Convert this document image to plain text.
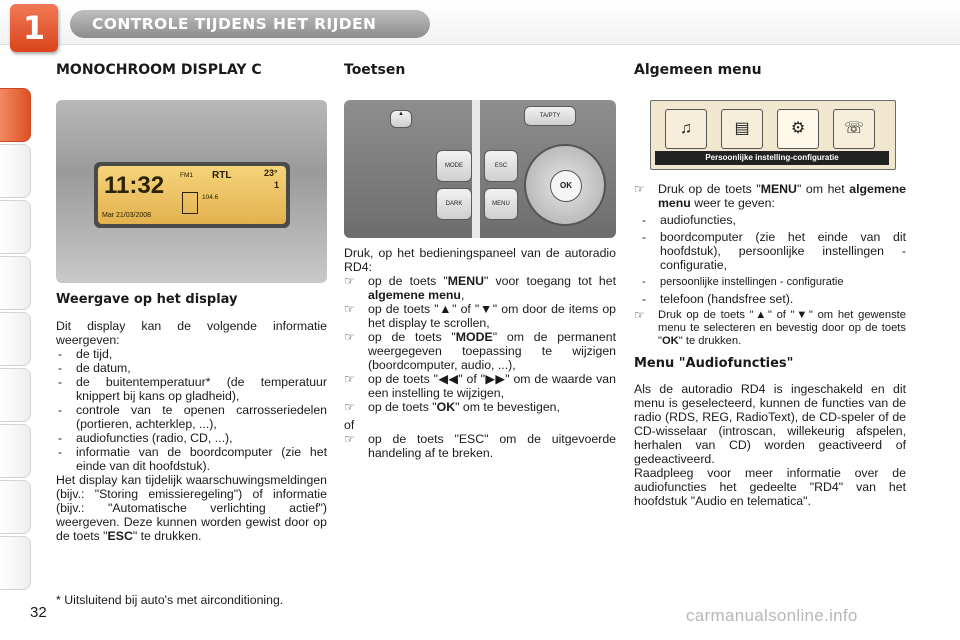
1	CONTROLE TIJDENS HET RIJDEN
32
MONOCHROOM DISPLAY C
11:32
Mar 21/03/2008
FM1 RTL	23°
1
104.6
Weergave op het display

Dit display kan de volgende informatie weergeven:

- de tijd,
- de datum,
- de buitentemperatuur* (de temperatuur knippert bij kans op gladheid),
- controle van te openen carrosseriedelen (portieren, achterklep, ...),
- audiofuncties (radio, CD, ...),
- informatie van de boordcomputer (zie het einde van dit hoofdstuk).

Het display kan tijdelijk waarschuwingsmeldingen (bijv.: "Storing emissieregeling") of informatie (bijv.: "Automatische verlichting actief") weergeven. Deze kunnen worden gewist door op de toets "ESC" te drukken.

* Uitsluitend bij auto's met airconditioning.
Toetsen
▲	TA/PTY
MODE
DARK
ESC
MENU
OK

Druk, op het bedieningspaneel van de autoradio RD4:

☞ op de toets "MENU" voor toegang tot het algemene menu,
☞ op de toets "▲" of "▼" om door de items op het display te scrollen,
☞ op de toets "MODE" om de permanent weergegeven toepassing te wijzigen (boordcomputer, audio, ...),
☞ op de toets "◀◀" of "▶▶" om de waarde van een instelling te wijzigen,
☞ op de toets "OK" om te bevestigen,

of

☞ op de toets "ESC" om de uitgevoerde handeling af te breken.
Algemeen menu
♫	▤	⚙	☏
Persoonlijke instelling-configuratie
☞ Druk op de toets "MENU" om het algemene menu weer te geven:
- audiofuncties,
- boordcomputer (zie het einde van dit hoofdstuk), persoonlijke instellingen - configuratie,
- persoonlijke instellingen - configuratie
- telefoon (handsfree set).
☞ Druk op de toets "▲" of "▼" om het gewenste menu te selecteren en bevestig door op de toets "OK" te drukken.
Menu "Audiofuncties"

Als de autoradio RD4 is ingeschakeld en dit menu is geselecteerd, kunnen de functies van de radio (RDS, REG, RadioText), de CD-speler of de CD-wisselaar (introscan, willekeurig afspelen, herhalen van CD) worden geactiveerd of gedeactiveerd.

Raadpleeg voor meer informatie over de audiofuncties het gedeelte "RD4" van het hoofdstuk "Audio en telematica".

carmanualsonline.info
